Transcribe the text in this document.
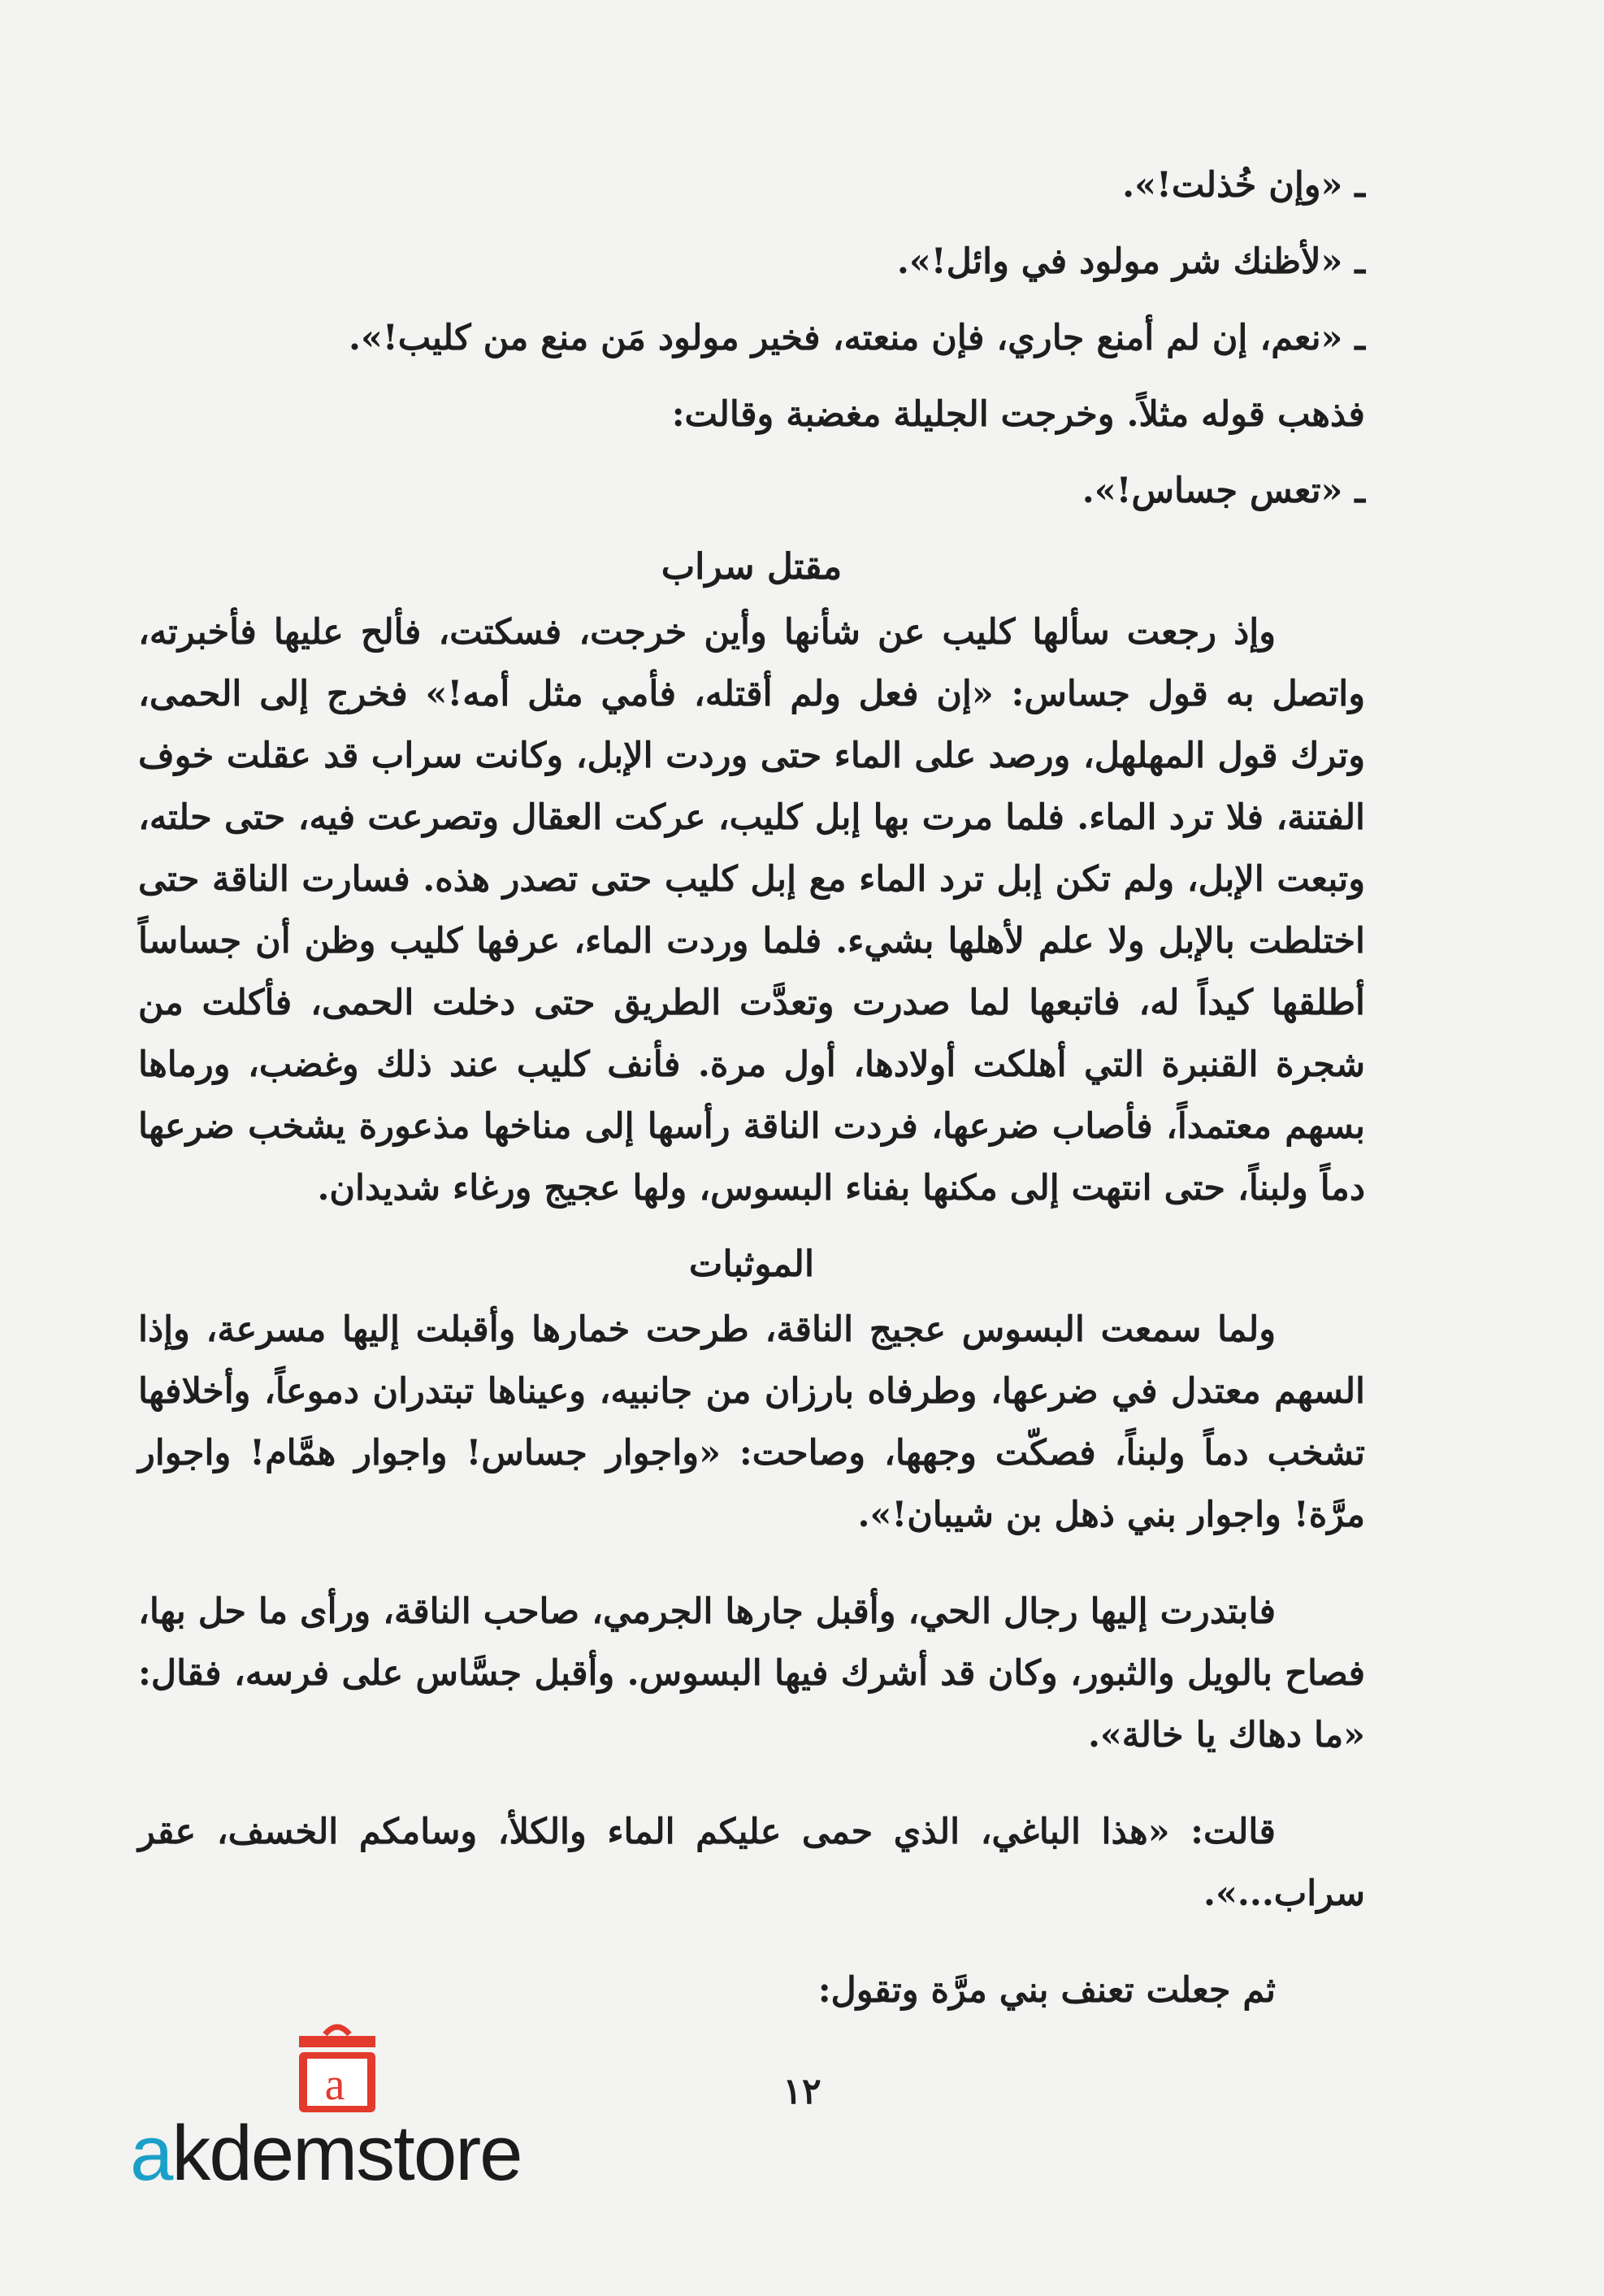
ـ «وإن خُذلت!».

ـ «لأظنك شر مولود في وائل!».

ـ «نعم، إن لم أمنع جاري، فإن منعته، فخير مولود مَن منع من كليب!».

فذهب قوله مثلاً. وخرجت الجليلة مغضبة وقالت:

ـ «تعس جساس!».

مقتل سراب

وإذ رجعت سألها كليب عن شأنها وأين خرجت، فسكتت، فألح عليها فأخبرته، واتصل به قول جساس: «إن فعل ولم أقتله، فأمي مثل أمه!» فخرج إلى الحمى، وترك قول المهلهل، ورصد على الماء حتى وردت الإبل، وكانت سراب قد عقلت خوف الفتنة، فلا ترد الماء. فلما مرت بها إبل كليب، عركت العقال وتصرعت فيه، حتى حلته، وتبعت الإبل، ولم تكن إبل ترد الماء مع إبل كليب حتى تصدر هذه. فسارت الناقة حتى اختلطت بالإبل ولا علم لأهلها بشيء. فلما وردت الماء، عرفها كليب وظن أن جساساً أطلقها كيداً له، فاتبعها لما صدرت وتعدَّت الطريق حتى دخلت الحمى، فأكلت من شجرة القنبرة التي أهلكت أولادها، أول مرة. فأنف كليب عند ذلك وغضب، ورماها بسهم معتمداً، فأصاب ضرعها، فردت الناقة رأسها إلى مناخها مذعورة يشخب ضرعها دماً ولبناً، حتى انتهت إلى مكنها بفناء البسوس، ولها عجيج ورغاء شديدان.

الموثبات

ولما سمعت البسوس عجيج الناقة، طرحت خمارها وأقبلت إليها مسرعة، وإذا السهم معتدل في ضرعها، وطرفاه بارزان من جانبيه، وعيناها تبتدران دموعاً، وأخلافها تشخب دماً ولبناً، فصكّت وجهها، وصاحت: «واجوار جساس! واجوار همَّام! واجوار مرَّة! واجوار بني ذهل بن شيبان!».

فابتدرت إليها رجال الحي، وأقبل جارها الجرمي، صاحب الناقة، ورأى ما حل بها، فصاح بالويل والثبور، وكان قد أشرك فيها البسوس. وأقبل جسَّاس على فرسه، فقال: «ما دهاك يا خالة».

قالت: «هذا الباغي، الذي حمى عليكم الماء والكلأ، وسامكم الخسف، عقر سراب...».

ثم جعلت تعنف بني مرَّة وتقول:

١٢
a
akdemstore
